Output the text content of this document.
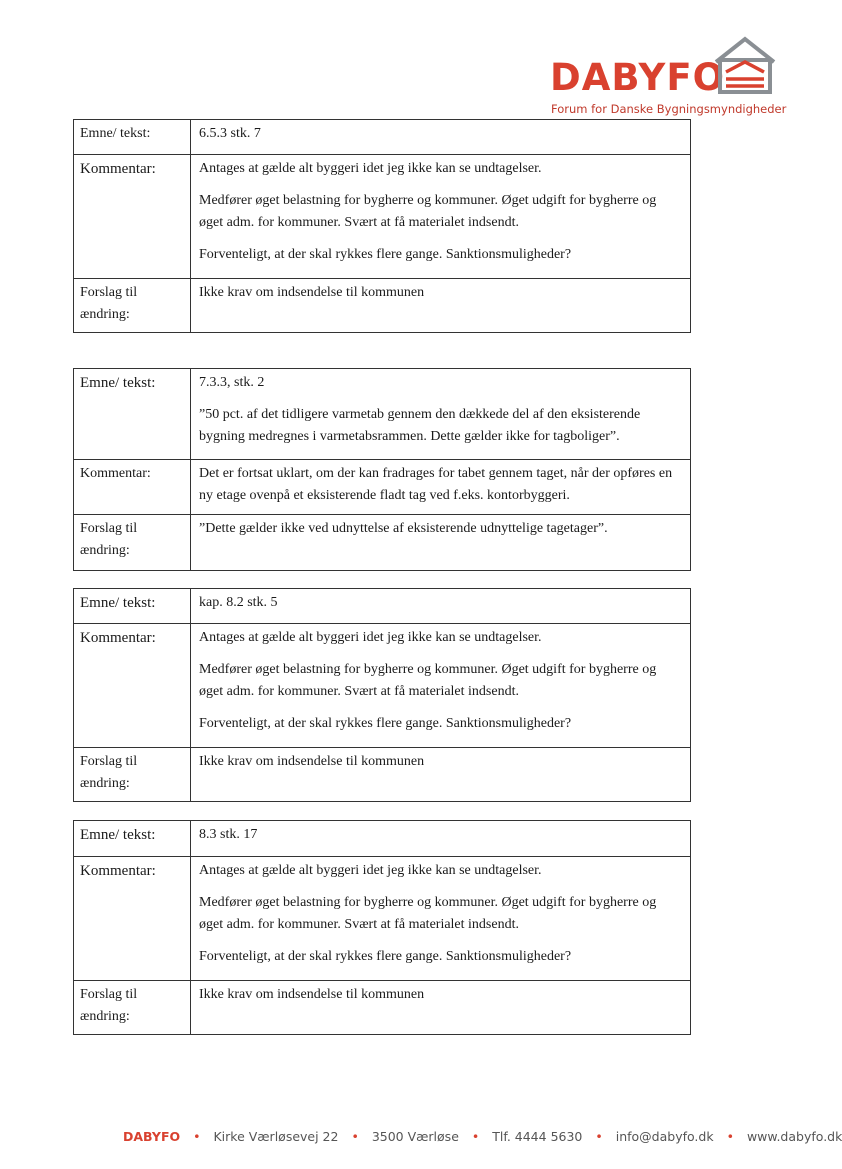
DABYFO
Forum for Danske Bygningsmyndigheder
Emne/ tekst:	6.5.3 stk. 7

Kommentar:	Antages at gælde alt byggeri idet jeg ikke kan se undtagelser.

Medfører øget belastning for bygherre og kommuner. Øget udgift for bygherre og øget adm. for kommuner. Svært at få materialet indsendt.

Forventeligt, at der skal rykkes flere gange. Sanktionsmuligheder?

Forslag til
ændring:	Ikke krav om indsendelse til kommunen
Emne/ tekst:	7.3.3, stk. 2

”50 pct. af det tidligere varmetab gennem den dækkede del af den eksisterende bygning medregnes i varmetabsrammen. Dette gælder ikke for tagboliger”.

Kommentar:	Det er fortsat uklart, om der kan fradrages for tabet gennem taget, når der opføres en ny etage ovenpå et eksisterende fladt tag ved f.eks. kontorbyggeri.

Forslag til
ændring:	”Dette gælder ikke ved udnyttelse af eksisterende udnyttelige tagetager”.
Emne/ tekst:	kap. 8.2 stk. 5

Kommentar:	Antages at gælde alt byggeri idet jeg ikke kan se undtagelser.

Medfører øget belastning for bygherre og kommuner. Øget udgift for bygherre og øget adm. for kommuner. Svært at få materialet indsendt.

Forventeligt, at der skal rykkes flere gange. Sanktionsmuligheder?

Forslag til
ændring:	Ikke krav om indsendelse til kommunen
Emne/ tekst:	8.3 stk. 17

Kommentar:	Antages at gælde alt byggeri idet jeg ikke kan se undtagelser.

Medfører øget belastning for bygherre og kommuner. Øget udgift for bygherre og øget adm. for kommuner. Svært at få materialet indsendt.

Forventeligt, at der skal rykkes flere gange. Sanktionsmuligheder?

Forslag til
ændring:	Ikke krav om indsendelse til kommunen
DABYFO • Kirke Værløsevej 22 • 3500 Værløse • Tlf. 4444 5630 • info@dabyfo.dk • www.dabyfo.dk
